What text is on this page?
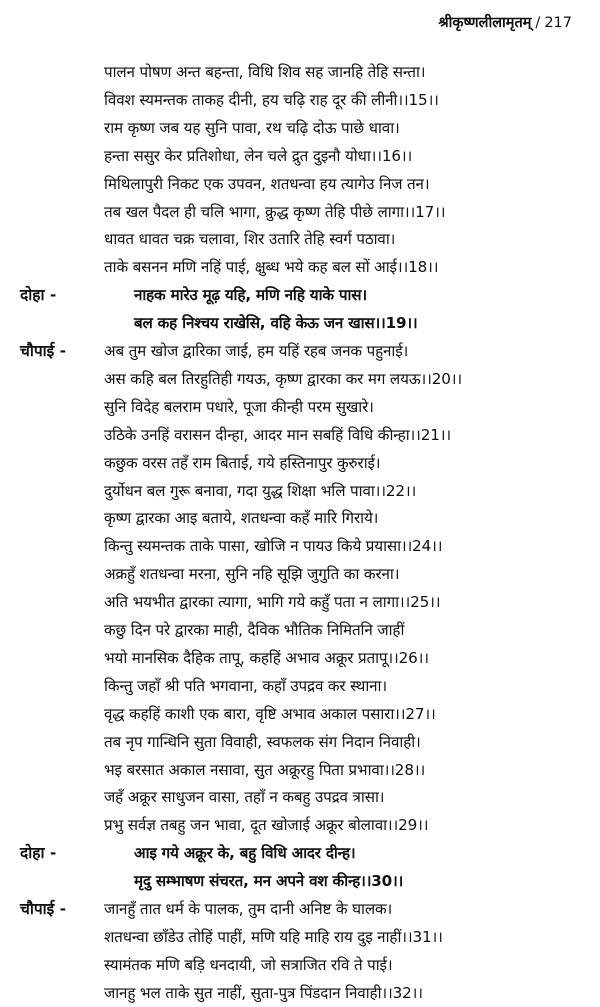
श्रीकृष्णलीलामृतम् / 217
पालन पोषण अन्त बहन्ता, विधि शिव सह जानहि तेहि सन्ता।
विवश स्यमन्तक ताकह दीनी, हय चढ़ि राह दूर की लीनी।।15।।
राम कृष्ण जब यह सुनि पावा, रथ चढ़ि दोऊ पाछे धावा।
हन्ता ससुर केर प्रतिशोधा, लेन चले द्रुत दुइनौ योधा।।16।।
मिथिलापुरी निकट एक उपवन, शतधन्वा हय त्यागेउ निज तन।
तब खल पैदल ही चलि भागा, क्रुद्ध कृष्ण तेहि पीछे लागा।।17।।
धावत धावत चक्र चलावा, शिर उतारि तेहि स्वर्ग पठावा।
ताके बसनन मणि नहिं पाई, क्षुब्ध भये कह बल सों आई।।18।।
दोहा -	नाहक मारेउ मूढ़ यहि, मणि नहि याके पास।
बल कह निश्चय राखेसि, वहि केऊ जन खास।।19।।
चौपाई - अब तुम खोज द्वारिका जाई, हम यहिं रहब जनक पहुनाई।
अस कहि बल तिरहुतिही गयऊ, कृष्ण द्वारका कर मग लयऊ।।20।।
सुनि विदेह बलराम पधारे, पूजा कीन्ही परम सुखारे।
उठिके उनहिं वरासन दीन्हा, आदर मान सबहिं विधि कीन्हा।।21।।
कछुक वरस तहँ राम बिताई, गये हस्तिनापुर कुरुराई।
दुर्योधन बल गुरू बनावा, गदा युद्ध शिक्षा भलि पावा।।22।।
कृष्ण द्वारका आइ बताये, शतधन्वा कहँ मारि गिराये।
किन्तु स्यमन्तक ताके पासा, खोजि न पायउ किये प्रयासा।।24।।
अक्रहुँ शतधन्वा मरना, सुनि नहि सूझि जुगुति का करना।
अति भयभीत द्वारका त्यागा, भागि गये कहुँ पता न लागा।।25।।
कछु दिन परे द्वारका माही, दैविक भौतिक निमितनि जाहीं
भयो मानसिक दैहिक तापू, कहहिं अभाव अक्रूर प्रतापू।।26।।
किन्तु जहाँ श्री पति भगवाना, कहाँ उपद्रव कर स्थाना।
वृद्ध कहहिं काशी एक बारा, वृष्टि अभाव अकाल पसारा।।27।।
तब नृप गान्धिनि सुता विवाही, स्वफलक संग निदान निवाही।
भइ बरसात अकाल नसावा, सुत अक्रूरहु पिता प्रभावा।।28।।
जहँ अक्रूर साधुजन वासा, तहाँ न कबहु उपद्रव त्रासा।
प्रभु सर्वज्ञ तबहु जन भावा, दूत खोजाई अक्रूर बोलावा।।29।।
दोहा -	आइ गये अक्रूर के, बहु विधि आदर दीन्ह।
मृदु सम्भाषण संचरत, मन अपने वश कीन्ह।।30।।
चौपाई - जानहुँ तात धर्म के पालक, तुम दानी अनिष्ट के घालक।
शतधन्वा छाँडेउ तोहिं पाहीं, मणि यहि माहि राय दुइ नाहीं।।31।।
स्यामंतक मणि बड़ि धनदायी, जो सत्राजित रवि ते पाई।
जानहु भल ताके सुत नाहीं, सुता-पुत्र पिंडदान निवाही।।32।।
